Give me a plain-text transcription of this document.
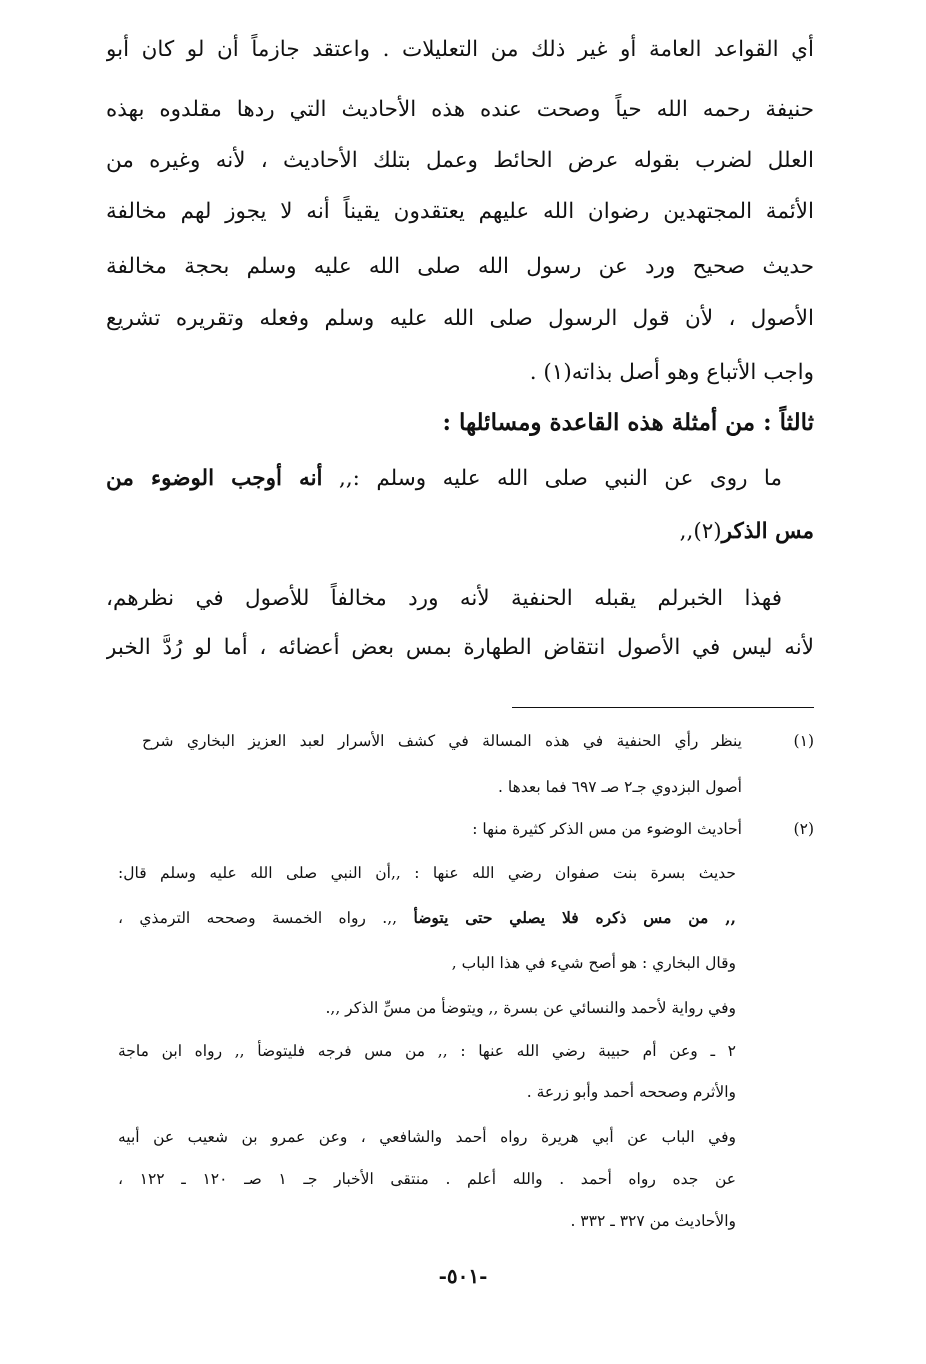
أي القواعد العامة أو غير ذلك من التعليلات . واعتقد جازماً أن لو كان أبو
حنيفة رحمه الله حياً وصحت عنده هذه الأحاديث التي ردها مقلدوه بهذه
العلل لضرب بقوله عرض الحائط وعمل بتلك الأحاديث ، لأنه وغيره من
الأئمة المجتهدين رضوان الله عليهم يعتقدون يقيناً أنه لا يجوز لهم مخالفة
حديث صحيح ورد عن رسول الله صلى الله عليه وسلم بحجة مخالفة
الأصول ، لأن قول الرسول صلى الله عليه وسلم وفعله وتقريره تشريع
واجب الأتباع وهو أصل بذاته(١) .
ثالثاً : من أمثلة هذه القاعدة ومسائلها :
ما روى عن النبي صلى الله عليه وسلم :,, أنه أوجب الوضوء من
مس الذكر(٢),,
فهذا الخبرلم يقبله الحنفية لأنه ورد مخالفاً للأصول في نظرهم،
لأنه ليس في الأصول انتقاض الطهارة بمس بعض أعضائه ، أما لو رُدَّ الخبر
(١)
ينظر رأي الحنفية في هذه المسالة في كشف الأسرار لعبد العزيز البخاري شرح
أصول البزدوي جـ٢ صـ ٦٩٧ فما بعدها .
(٢)
أحاديث الوضوء من مس الذكر كثيرة منها :
حديث بسرة بنت صفوان رضي الله عنها : ,,أن النبي صلى الله عليه وسلم قال:
,, من مس ذكره فلا يصلي حتى يتوضأ ,,. رواه الخمسة وصححه الترمذي ،
وقال البخاري : هو أصح شيء في هذا الباب ,
وفي رواية لأحمد والنسائي عن بسرة ,, ويتوضأ من مسِّ الذكر ,,.
٢ ـ وعن أم حبيبة رضي الله عنها : ,, من مس فرجه فليتوضأ ,, رواه ابن ماجة
والأثرم وصححه أحمد وأبو زرعة .
وفي الباب عن أبي هريرة رواه أحمد والشافعي ، وعن عمرو بن شعيب عن أبيه
عن جده رواه أحمد . والله أعلم . منتقى الأخبار جـ ١ صـ ١٢٠ ـ ١٢٢ ،
والأحاديث من ٣٢٧ ـ ٣٣٢ .
-٥٠١-
